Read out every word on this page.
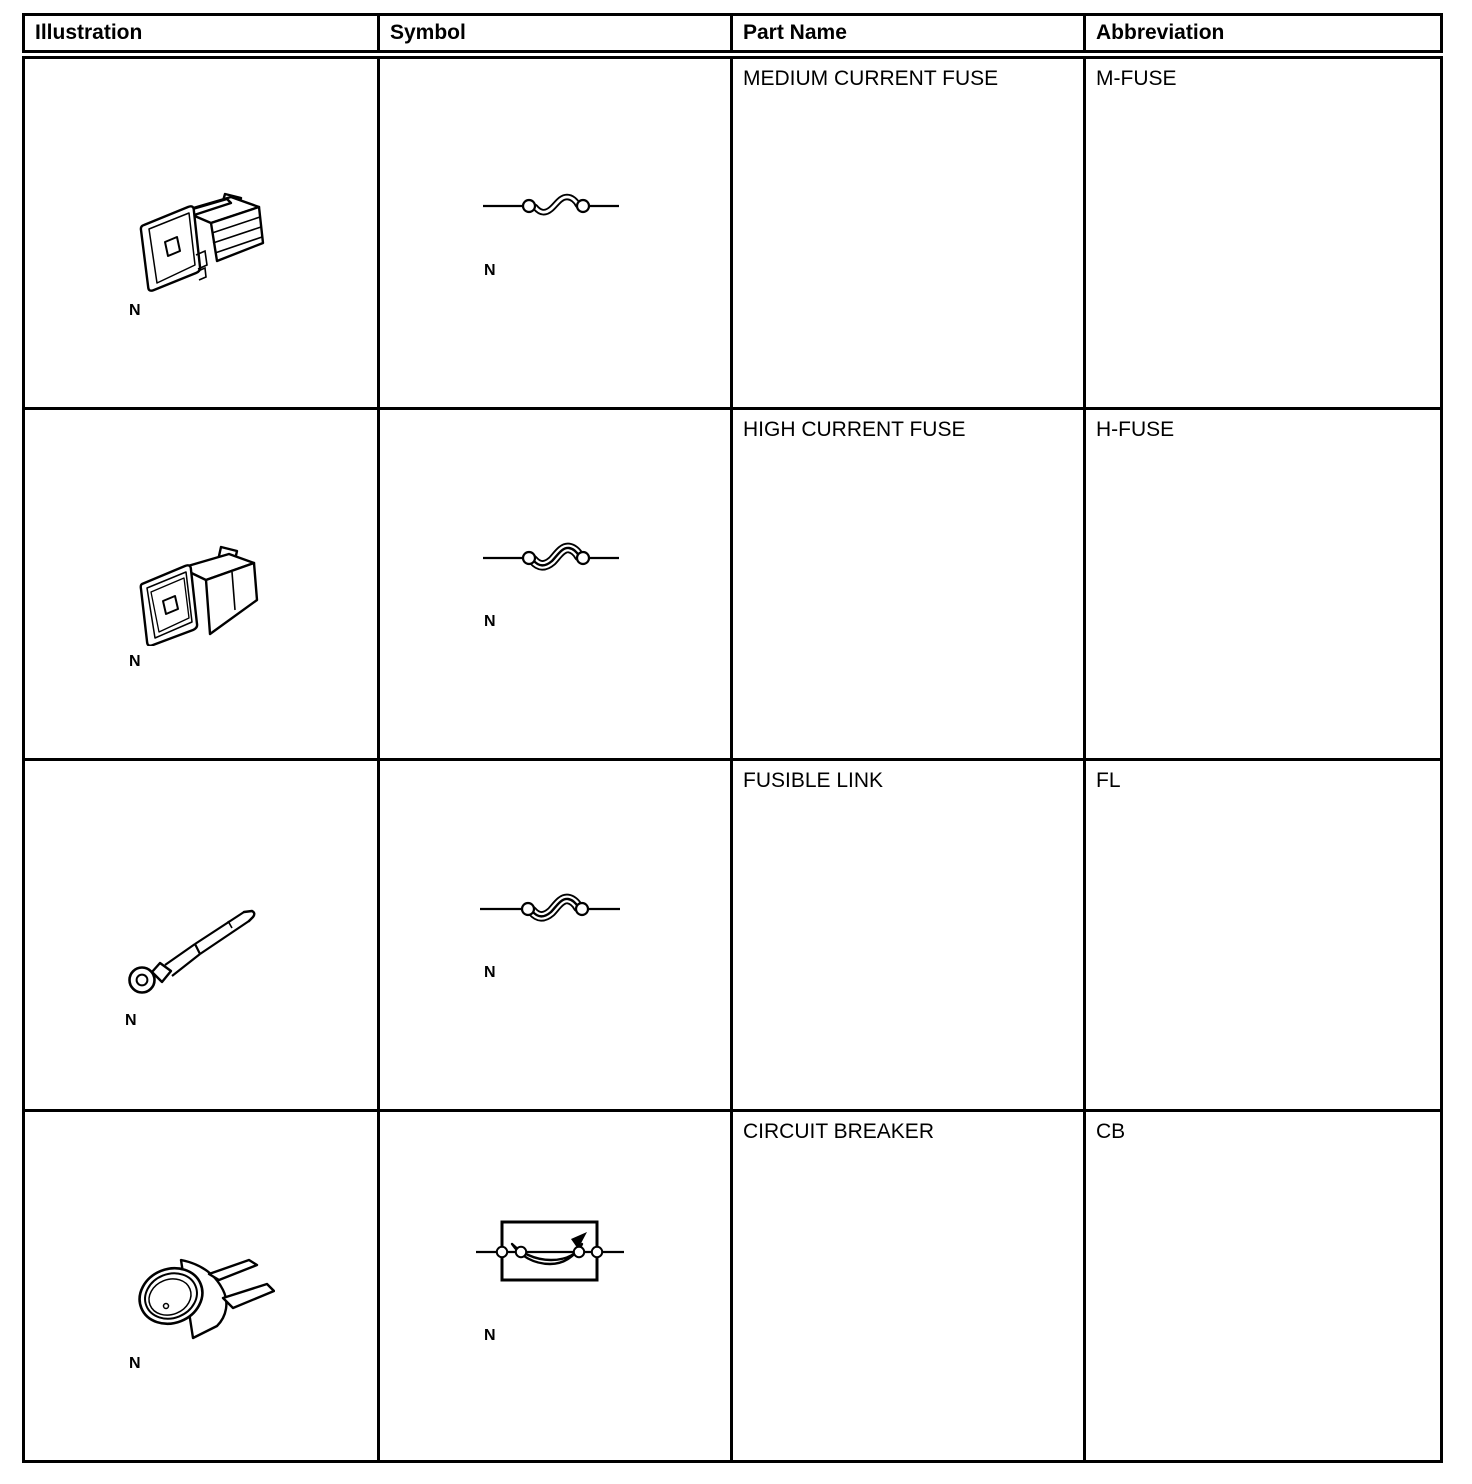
Illustration	Symbol	Part Name	Abbreviation

N	N	MEDIUM CURRENT FUSE	M-FUSE

N	N	HIGH CURRENT FUSE	H-FUSE

N	N	FUSIBLE LINK	FL

N	N	CIRCUIT BREAKER	CB
